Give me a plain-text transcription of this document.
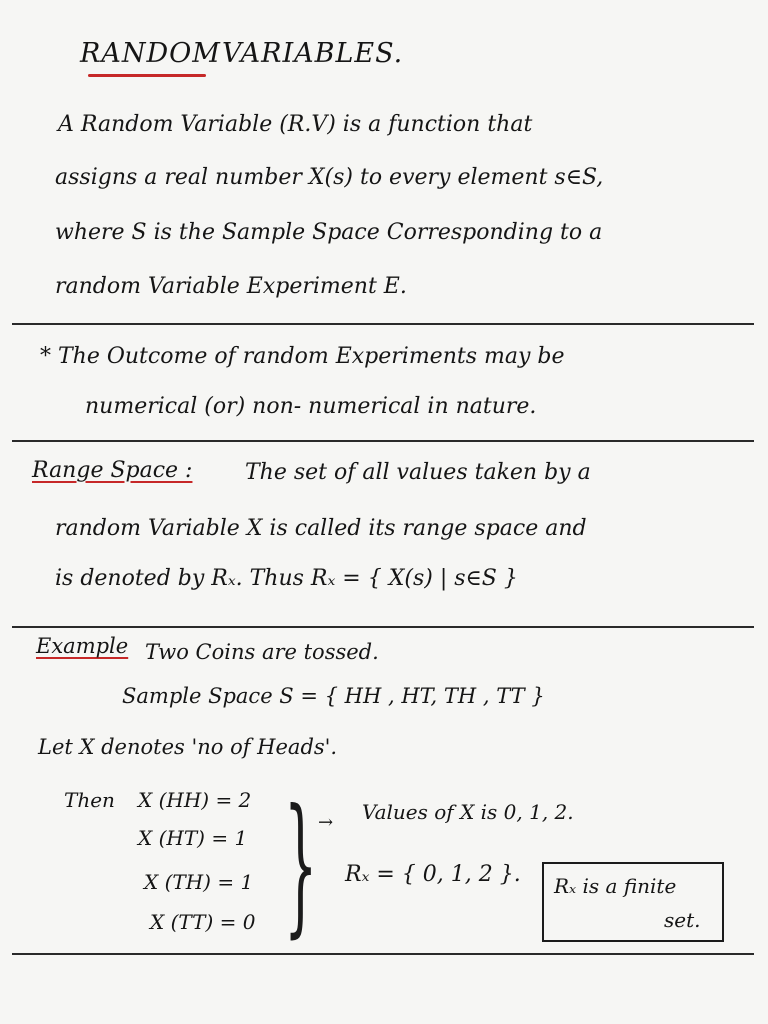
RANDOM VARIABLES.
A Random Variable (R.V) is a function that
assigns a real number X(s) to every element s∈S,
where S is the Sample Space Corresponding to a
random Variable Experiment E.
* The Outcome of random Experiments may be
numerical (or) non- numerical in nature.
Range Space : The set of all values taken by a
random Variable X is called its range space and
is denoted by Rₓ. Thus Rₓ = { X(s) | s∈S }
Example Two Coins are tossed.
Sample Space S = { HH , HT, TH , TT }
Let X denotes 'no of Heads'.
Then X (HH) = 2
X (HT) = 1
X (TH) = 1
X (TT) = 0 } → Values of X is 0, 1, 2.
Rₓ = { 0, 1, 2 }. Rₓ is a finite
set.
